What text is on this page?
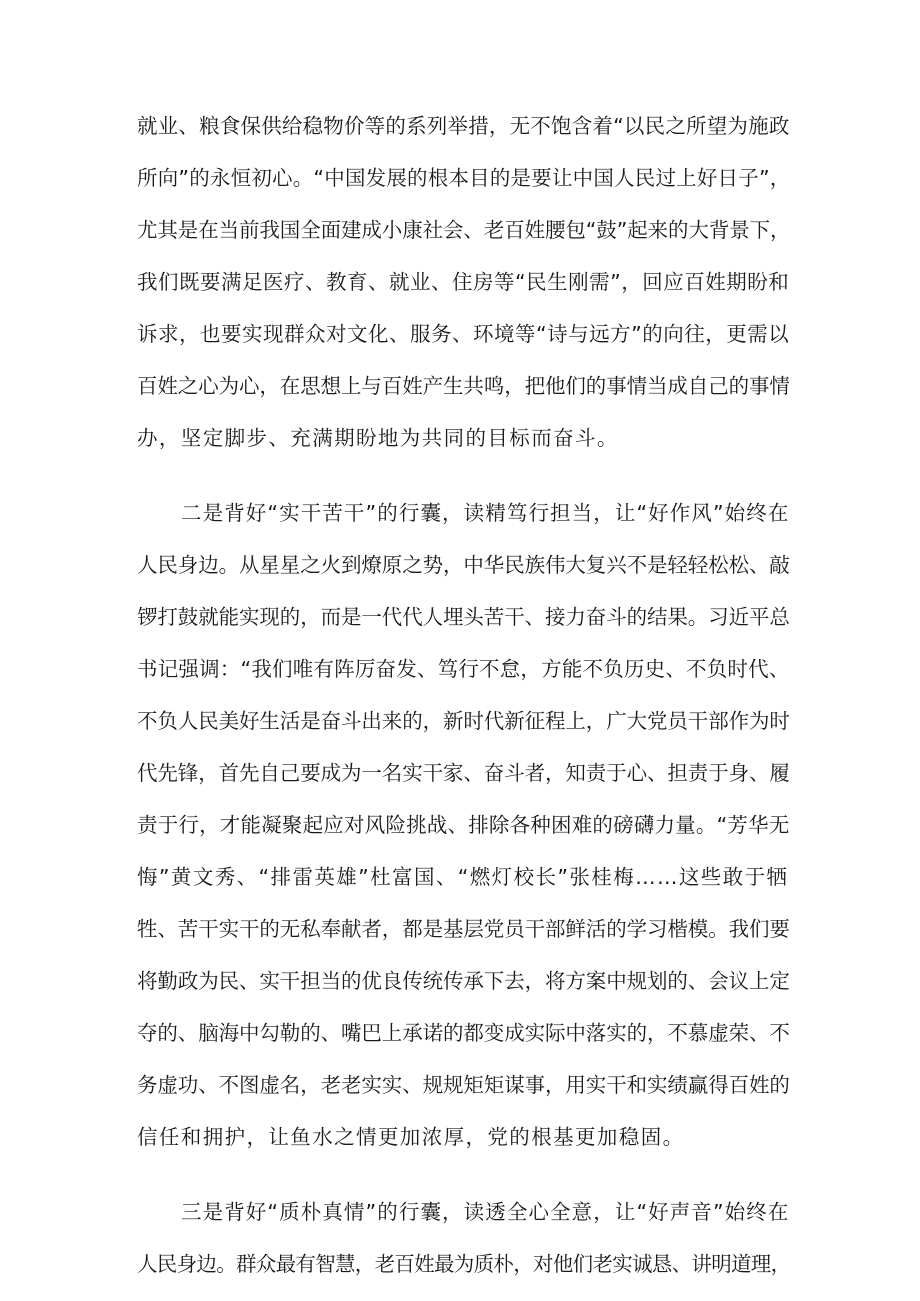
就业、粮食保供给稳物价等的系列举措，无不饱含着“以民之所望为施政
所向”的永恒初心。“中国发展的根本目的是要让中国人民过上好日子”，
尤其是在当前我国全面建成小康社会、老百姓腰包“鼓”起来的大背景下，
我们既要满足医疗、教育、就业、住房等“民生刚需”，回应百姓期盼和
诉求，也要实现群众对文化、服务、环境等“诗与远方”的向往，更需以
百姓之心为心，在思想上与百姓产生共鸣，把他们的事情当成自己的事情
办，坚定脚步、充满期盼地为共同的目标而奋斗。
二是背好“实干苦干”的行囊，读精笃行担当，让“好作风”始终在
人民身边。从星星之火到燎原之势，中华民族伟大复兴不是轻轻松松、敲
锣打鼓就能实现的，而是一代代人埋头苦干、接力奋斗的结果。习近平总
书记强调：“我们唯有阵厉奋发、笃行不怠，方能不负历史、不负时代、
不负人民美好生活是奋斗出来的，新时代新征程上，广大党员干部作为时
代先锋，首先自己要成为一名实干家、奋斗者，知责于心、担责于身、履
责于行，才能凝聚起应对风险挑战、排除各种困难的磅礴力量。“芳华无
悔”黄文秀、“排雷英雄”杜富国、“燃灯校长”张桂梅……这些敢于牺
牲、苦干实干的无私奉献者，都是基层党员干部鲜活的学习楷模。我们要
将勤政为民、实干担当的优良传统传承下去，将方案中规划的、会议上定
夺的、脑海中勾勒的、嘴巴上承诺的都变成实际中落实的，不慕虚荣、不
务虚功、不图虚名，老老实实、规规矩矩谋事，用实干和实绩赢得百姓的
信任和拥护，让鱼水之情更加浓厚，党的根基更加稳固。
三是背好“质朴真情”的行囊，读透全心全意，让“好声音”始终在
人民身边。群众最有智慧，老百姓最为质朴，对他们老实诚恳、讲明道理，
